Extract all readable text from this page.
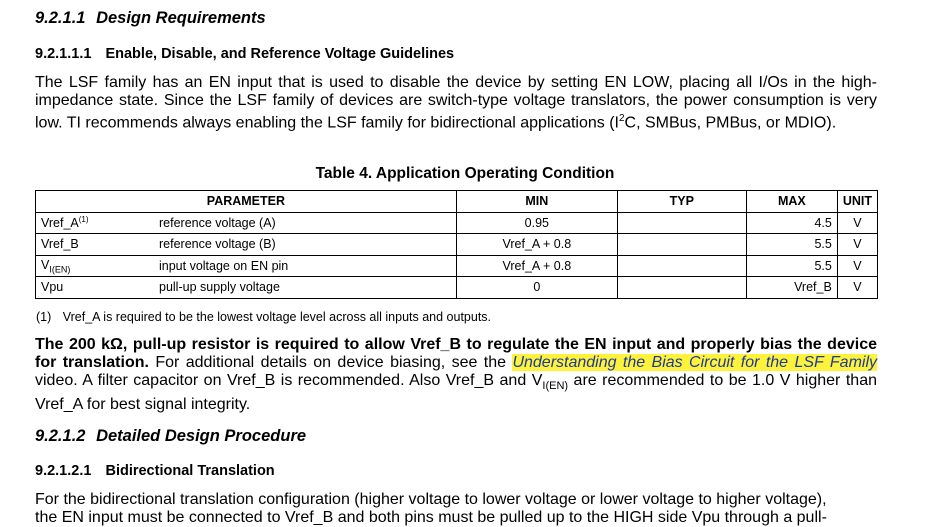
9.2.1.1 Design Requirements
9.2.1.1.1 Enable, Disable, and Reference Voltage Guidelines
The LSF family has an EN input that is used to disable the device by setting EN LOW, placing all I/Os in the high-impedance state. Since the LSF family of devices are switch-type voltage translators, the power consumption is very low. TI recommends always enabling the LSF family for bidirectional applications ($I^2C$, SMBus, PMBus, or MDIO).
Table 4. Application Operating Condition
PARAMETER		MIN	TYP	MAX	UNIT
Vref_A$^{(1)}$	reference voltage (A)	0.95		4.5	V
Vref_B	reference voltage (B)	Vref_A + 0.8		5.5	V
$V_{I(EN)}$	input voltage on EN pin	Vref_A + 0.8		5.5	V
Vpu	pull-up supply voltage	0		Vref_B	V
(1) Vref_A is required to be the lowest voltage level across all inputs and outputs.
The 200 kΩ, pull-up resistor is required to allow Vref_B to regulate the EN input and properly bias the device for translation. For additional details on device biasing, see the Understanding the Bias Circuit for the LSF Family video. A filter capacitor on Vref_B is recommended. Also Vref_B and $V_{I(EN)}$ are recommended to be 1.0 V higher than Vref_A for best signal integrity.
9.2.1.2 Detailed Design Procedure
9.2.1.2.1 Bidirectional Translation
For the bidirectional translation configuration (higher voltage to lower voltage or lower voltage to higher voltage),
the EN input must be connected to Vref_B and both pins must be pulled up to the HIGH side Vpu through a pull-
